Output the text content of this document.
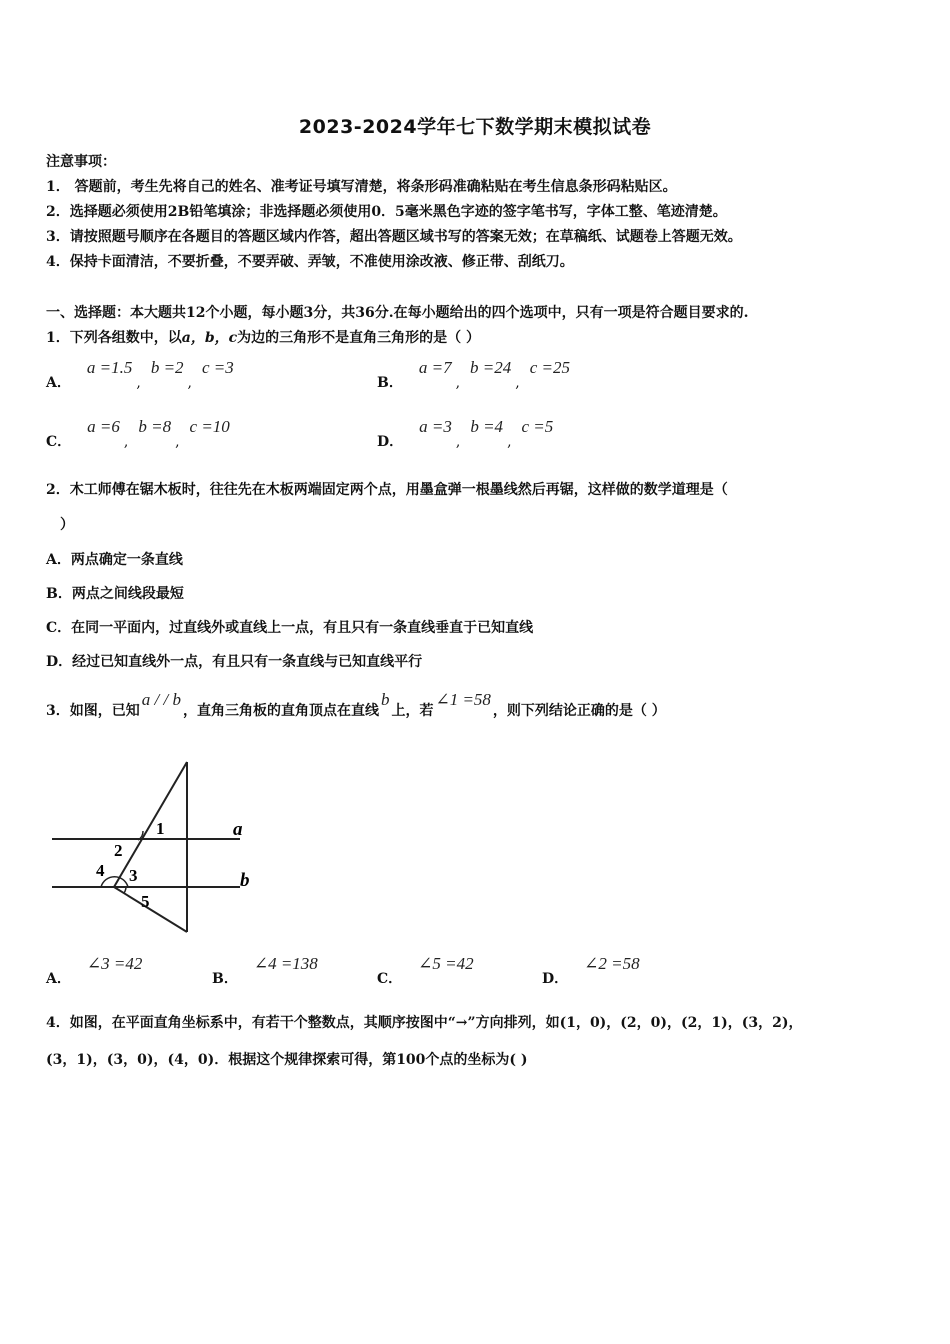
2023-2024学年七下数学期末模拟试卷
注意事项：
1． 答题前，考生先将自己的姓名、准考证号填写清楚，将条形码准确粘贴在考生信息条形码粘贴区。
2．选择题必须使用2B铅笔填涂；非选择题必须使用0．5毫米黑色字迹的签字笔书写，字体工整、笔迹清楚。
3．请按照题号顺序在各题目的答题区域内作答，超出答题区域书写的答案无效；在草稿纸、试题卷上答题无效。
4．保持卡面清洁，不要折叠，不要弄破、弄皱，不准使用涂改液、修正带、刮纸刀。
一、选择题：本大题共12个小题，每小题3分，共36分.在每小题给出的四个选项中，只有一项是符合题目要求的.
1．下列各组数中，以a，b，c为边的三角形不是直角三角形的是（ ）
A．a =1.5,b =2,c =3
B．a =7,b =24,c =25
C．a =6,b =8,c =10
D．a =3,b =4,c =5
2．木工师傅在锯木板时，往往先在木板两端固定两个点，用墨盒弹一根墨线然后再锯，这样做的数学道理是（
）
A．两点确定一条直线
B．两点之间线段最短
C．在同一平面内，过直线外或直线上一点，有且只有一条直线垂直于已知直线
D．经过已知直线外一点，有且只有一条直线与已知直线平行
3．如图，已知a / / b，直角三角板的直角顶点在直线b上，若∠1 =58，则下列结论正确的是（ ）
1
2
3
4
5
a
b
A．∠3 =42
B．∠4 =138
C．∠5 =42
D．∠2 =58
4．如图，在平面直角坐标系中，有若干个整数点，其顺序按图中“→”方向排列，如(1，0)，(2，0)，(2，1)，(3，2)，
(3，1)，(3，0)，(4，0)．根据这个规律探索可得，第100个点的坐标为( )
